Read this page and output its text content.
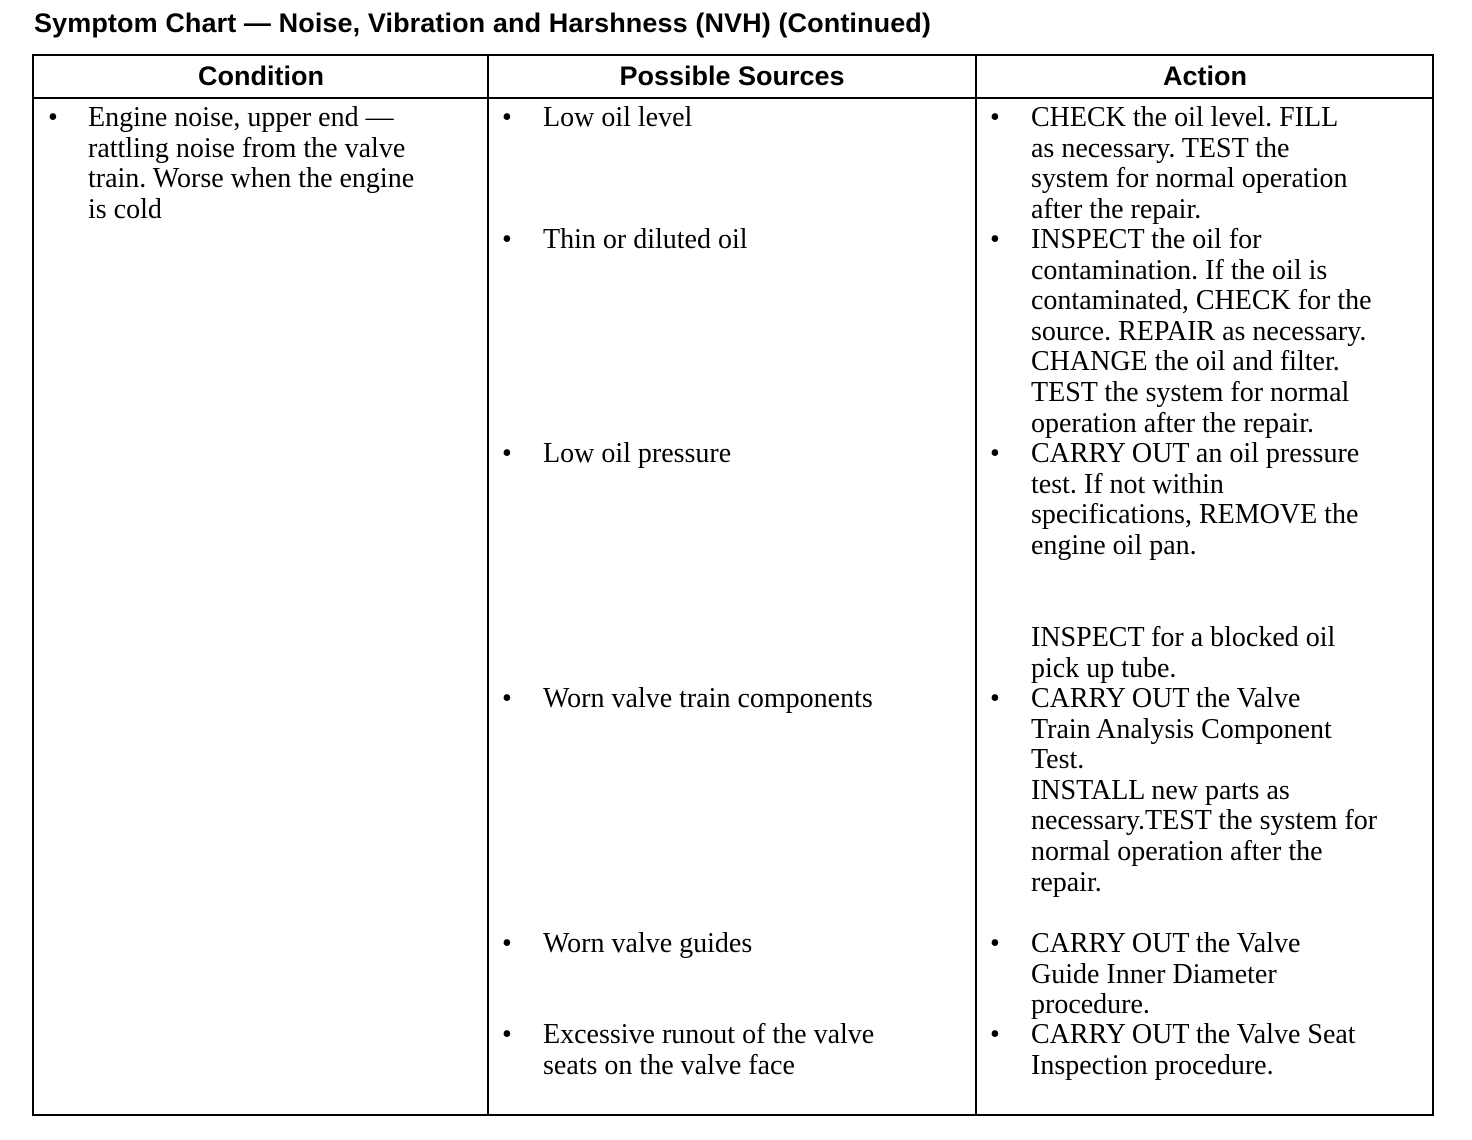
Symptom Chart — Noise, Vibration and Harshness (NVH) (Continued)
Condition	Possible Sources	Action
• Engine noise, upper end —
rattling noise from the valve
train. Worse when the engine
is cold
• Low oil level
• Thin or diluted oil
• Low oil pressure
• Worn valve train components
• Worn valve guides
• Excessive runout of the valve
seats on the valve face
• CHECK the oil level. FILL
as necessary. TEST the
system for normal operation
after the repair.
• INSPECT the oil for
contamination. If the oil is
contaminated, CHECK for the
source. REPAIR as necessary.
CHANGE the oil and filter.
TEST the system for normal
operation after the repair.
• CARRY OUT an oil pressure
test. If not within
specifications, REMOVE the
engine oil pan.
INSPECT for a blocked oil
pick up tube.
• CARRY OUT the Valve
Train Analysis Component
Test.
INSTALL new parts as
necessary.TEST the system for
normal operation after the
repair.
• CARRY OUT the Valve
Guide Inner Diameter
procedure.
• CARRY OUT the Valve Seat
Inspection procedure.
